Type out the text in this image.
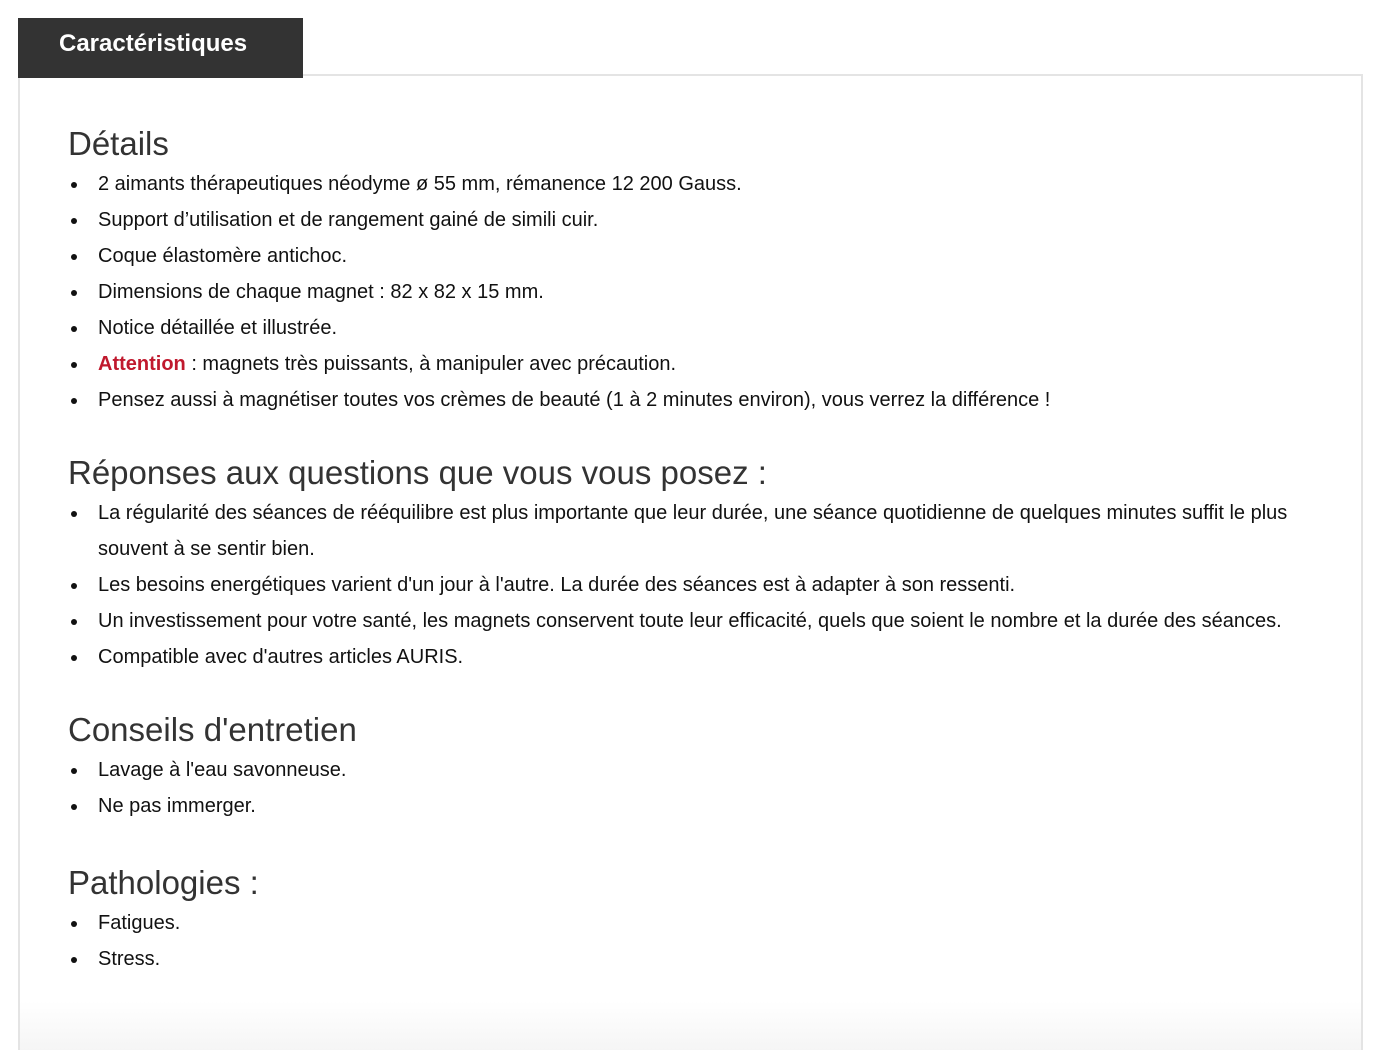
Caractéristiques
Détails
2 aimants thérapeutiques néodyme ø 55 mm, rémanence 12 200 Gauss.
Support d’utilisation et de rangement gainé de simili cuir.
Coque élastomère antichoc.
Dimensions de chaque magnet : 82 x 82 x 15 mm.
Notice détaillée et illustrée.
Attention : magnets très puissants, à manipuler avec précaution.
Pensez aussi à magnétiser toutes vos crèmes de beauté (1 à 2 minutes environ), vous verrez la différence !
Réponses aux questions que vous vous posez :
La régularité des séances de rééquilibre est plus importante que leur durée, une séance quotidienne de quelques minutes suffit le plus souvent à se sentir bien.
Les besoins energétiques varient d'un jour à l'autre. La durée des séances est à adapter à son ressenti.
Un investissement pour votre santé, les magnets conservent toute leur efficacité, quels que soient le nombre et la durée des séances.
Compatible avec d'autres articles AURIS.
Conseils d'entretien
Lavage à l'eau savonneuse.
Ne pas immerger.
Pathologies :
Fatigues.
Stress.
